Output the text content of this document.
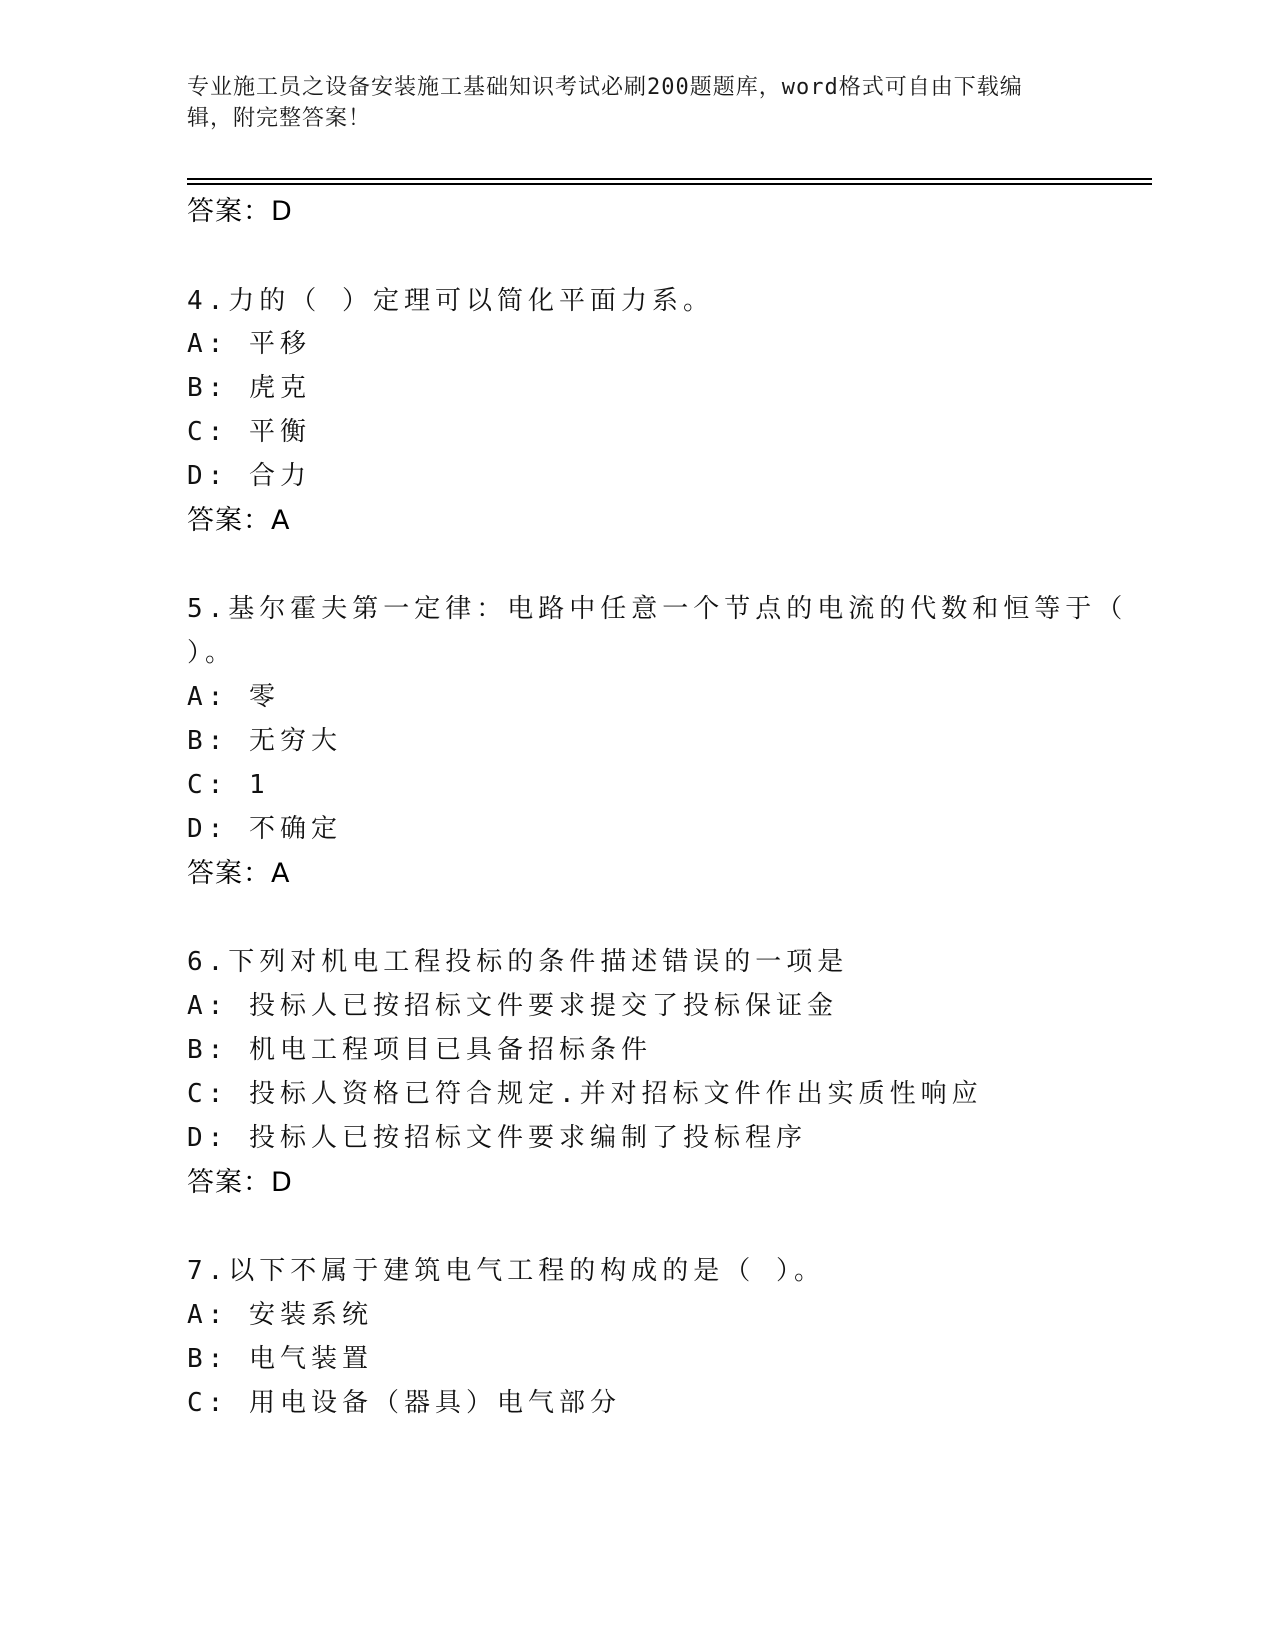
专业施工员之设备安装施工基础知识考试必刷200题题库，word格式可自由下载编辑，附完整答案！
答案：D
4.力的（ ）定理可以简化平面力系。
A: 平移
B: 虎克
C: 平衡
D: 合力
答案：A
5.基尔霍夫第一定律：电路中任意一个节点的电流的代数和恒等于（
）。
A: 零
B: 无穷大
C: 1
D: 不确定
答案：A
6.下列对机电工程投标的条件描述错误的一项是
A: 投标人已按招标文件要求提交了投标保证金
B: 机电工程项目已具备招标条件
C: 投标人资格已符合规定.并对招标文件作出实质性响应
D: 投标人已按招标文件要求编制了投标程序
答案：D
7.以下不属于建筑电气工程的构成的是（ ）。
A: 安装系统
B: 电气装置
C: 用电设备（器具）电气部分
